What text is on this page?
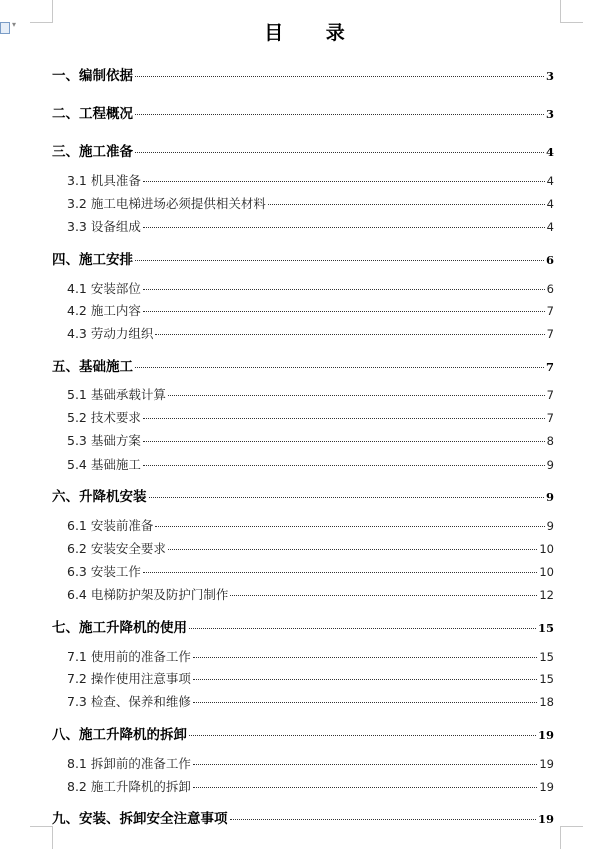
▾	目 录
一、编制依据	3
二、工程概况	3
三、施工准备	4
3.1 机具准备	4
3.2 施工电梯进场必须提供相关材料	4
3.3 设备组成	4
四、施工安排	6
4.1 安装部位	6
4.2 施工内容	7
4.3 劳动力组织	7
五、基础施工	7
5.1 基础承载计算	7
5.2 技术要求	7
5.3 基础方案	8
5.4 基础施工	9
六、升降机安装	9
6.1 安装前准备	9
6.2 安装安全要求	10
6.3 安装工作	10
6.4 电梯防护架及防护门制作	12
七、施工升降机的使用	15
7.1 使用前的准备工作	15
7.2 操作使用注意事项	15
7.3 检查、保养和维修	18
八、施工升降机的拆卸	19
8.1 拆卸前的准备工作	19
8.2 施工升降机的拆卸	19
九、安装、拆卸安全注意事项	19
